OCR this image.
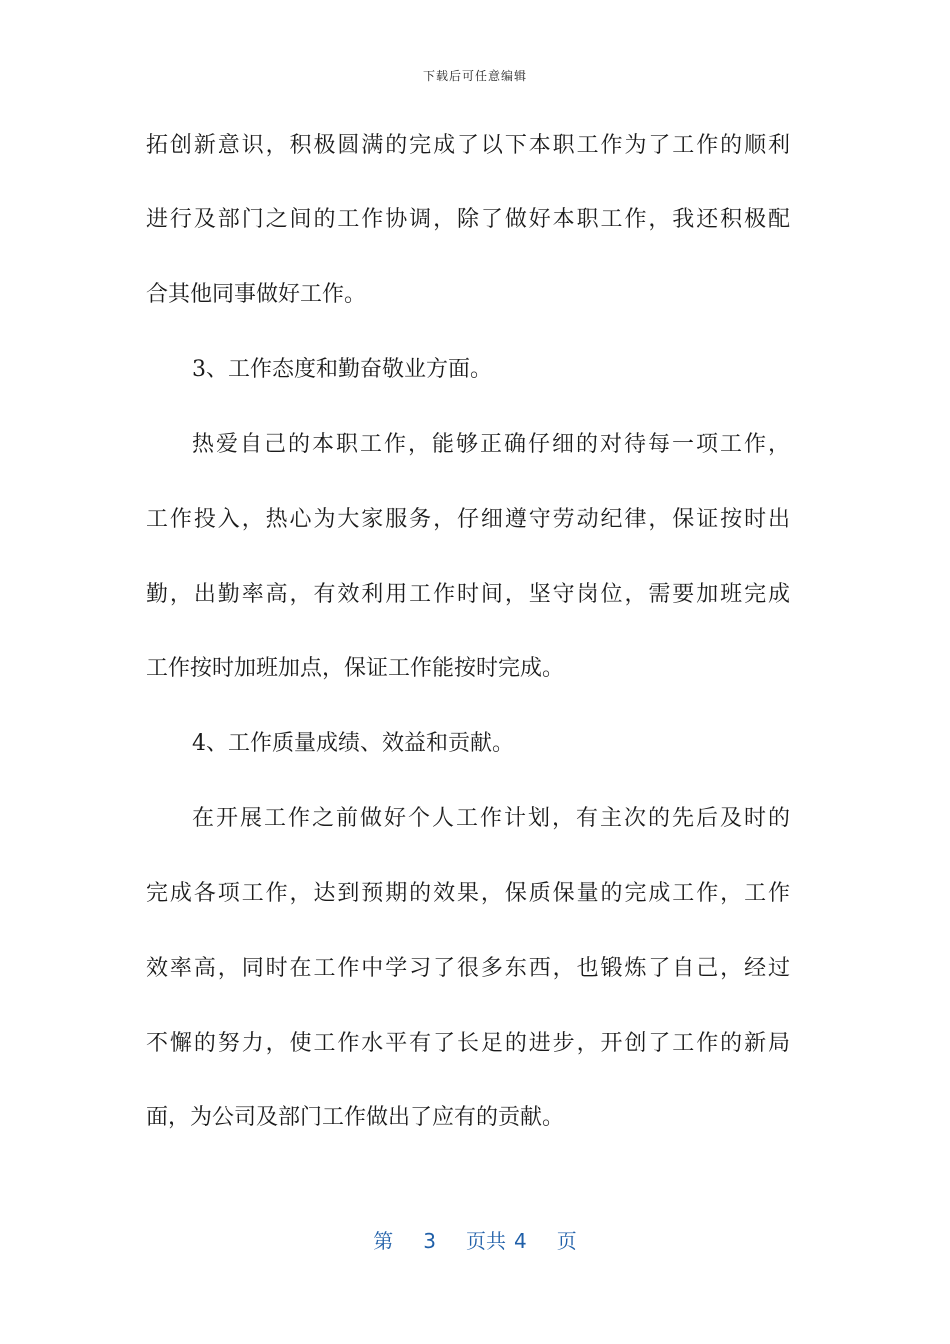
下载后可任意编辑
拓创新意识，积极圆满的完成了以下本职工作为了工作的顺利
进行及部门之间的工作协调，除了做好本职工作，我还积极配
合其他同事做好工作。
3、工作态度和勤奋敬业方面。
热爱自己的本职工作，能够正确仔细的对待每一项工作，
工作投入，热心为大家服务，仔细遵守劳动纪律，保证按时出
勤，出勤率高，有效利用工作时间，坚守岗位，需要加班完成
工作按时加班加点，保证工作能按时完成。
4、工作质量成绩、效益和贡献。
在开展工作之前做好个人工作计划，有主次的先后及时的
完成各项工作，达到预期的效果，保质保量的完成工作，工作
效率高，同时在工作中学习了很多东西，也锻炼了自己，经过
不懈的努力，使工作水平有了长足的进步，开创了工作的新局
面，为公司及部门工作做出了应有的贡献。
第 3 页共 4 页
